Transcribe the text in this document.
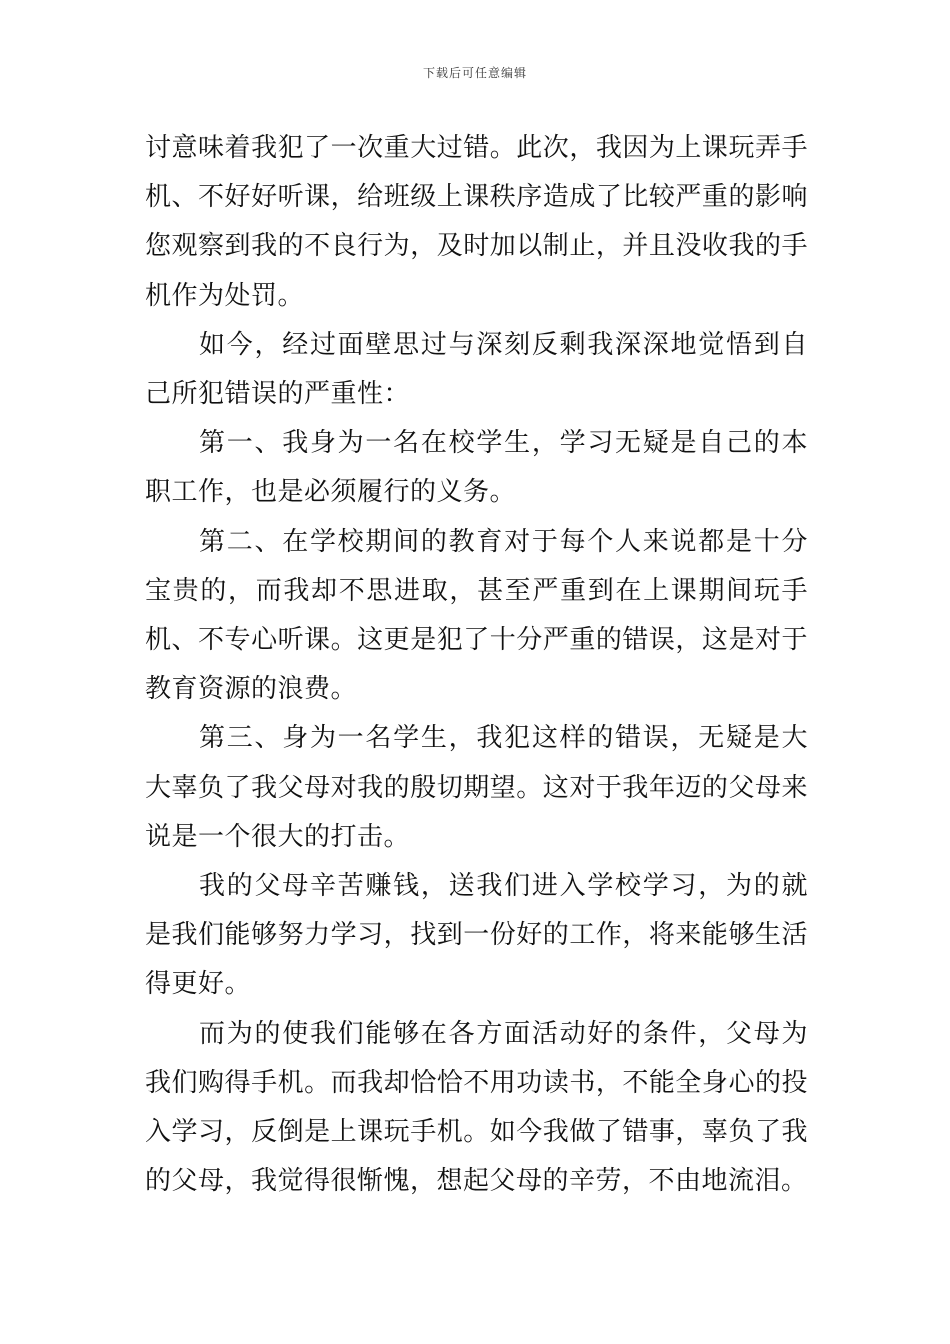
下载后可任意编辑

讨意味着我犯了一次重大过错。此次，我因为上课玩弄手机、不好好听课，给班级上课秩序造成了比较严重的影响您观察到我的不良行为，及时加以制止，并且没收我的手机作为处罚。

如今，经过面壁思过与深刻反剩我深深地觉悟到自己所犯错误的严重性：

第一、我身为一名在校学生，学习无疑是自己的本职工作，也是必须履行的义务。

第二、在学校期间的教育对于每个人来说都是十分宝贵的，而我却不思进取，甚至严重到在上课期间玩手机、不专心听课。这更是犯了十分严重的错误，这是对于教育资源的浪费。

第三、身为一名学生，我犯这样的错误，无疑是大大辜负了我父母对我的殷切期望。这对于我年迈的父母来说是一个很大的打击。

我的父母辛苦赚钱，送我们进入学校学习，为的就是我们能够努力学习，找到一份好的工作，将来能够生活得更好。

而为的使我们能够在各方面活动好的条件，父母为我们购得手机。而我却恰恰不用功读书，不能全身心的投入学习，反倒是上课玩手机。如今我做了错事，辜负了我的父母，我觉得很惭愧，想起父母的辛劳，不由地流泪。
